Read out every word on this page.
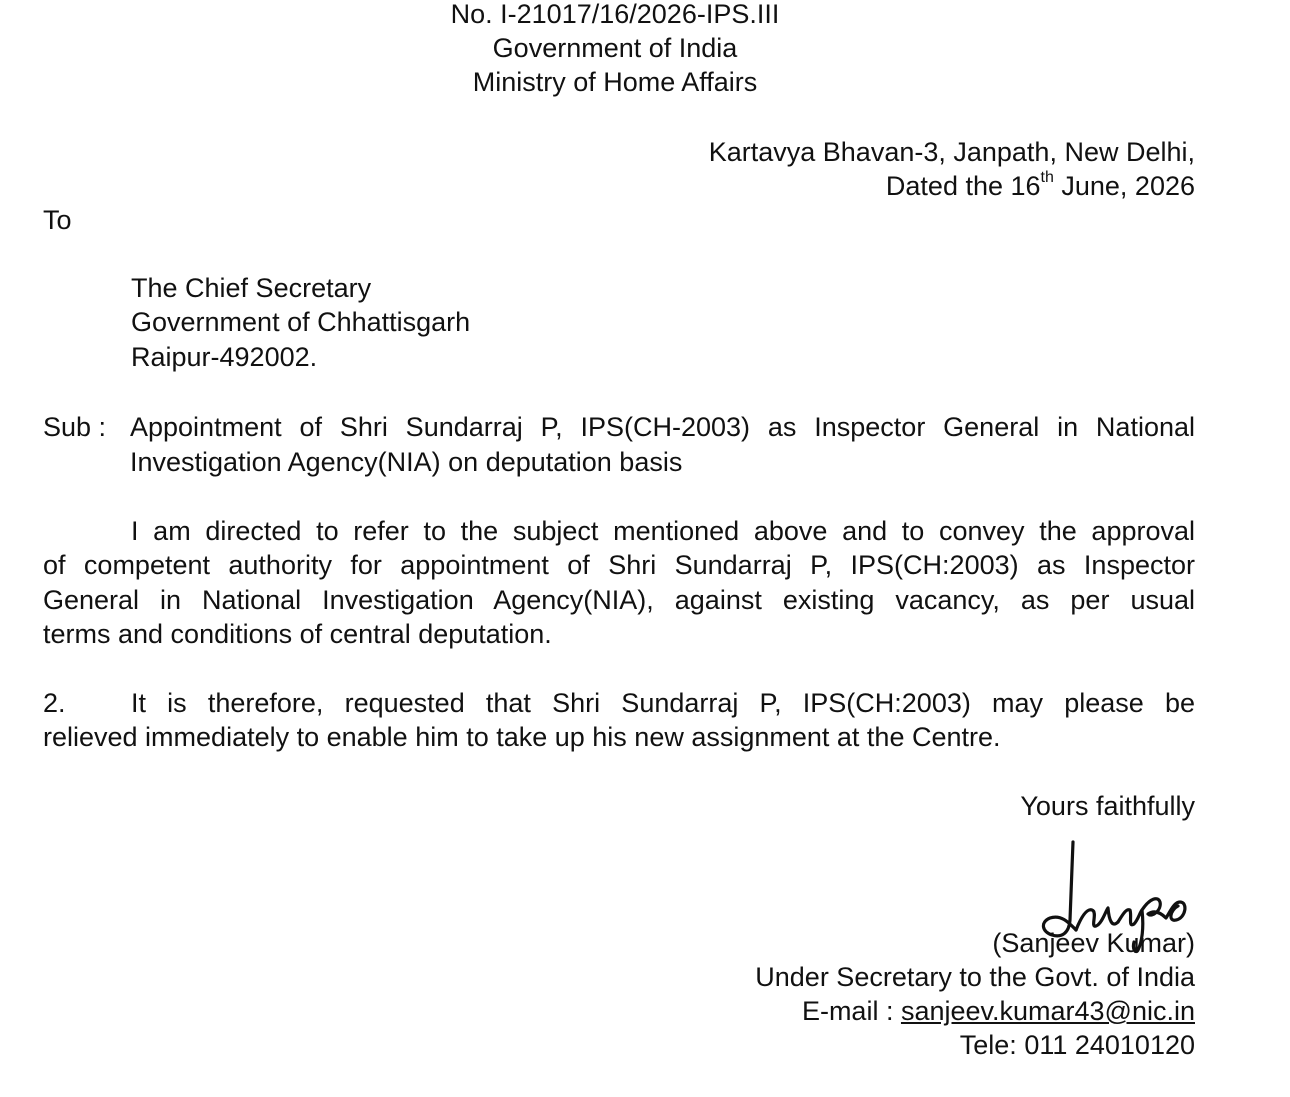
No. I-21017/16/2026-IPS.III
Government of India
Ministry of Home Affairs
Kartavya Bhavan-3, Janpath, New Delhi,
Dated the 16th June, 2026
To
The Chief Secretary
Government of Chhattisgarh
Raipur-492002.
Sub : Appointment of Shri Sundarraj P, IPS(CH-2003) as Inspector General in National
Investigation Agency(NIA) on deputation basis
I am directed to refer to the subject mentioned above and to convey the approval
of competent authority for appointment of Shri Sundarraj P, IPS(CH:2003) as Inspector
General in National Investigation Agency(NIA), against existing vacancy, as per usual
terms and conditions of central deputation.
2. It is therefore, requested that Shri Sundarraj P, IPS(CH:2003) may please be
relieved immediately to enable him to take up his new assignment at the Centre.
Yours faithfully
(Sanjeev Kumar)
Under Secretary to the Govt. of India
E-mail : sanjeev.kumar43@nic.in
Tele: 011 24010120
